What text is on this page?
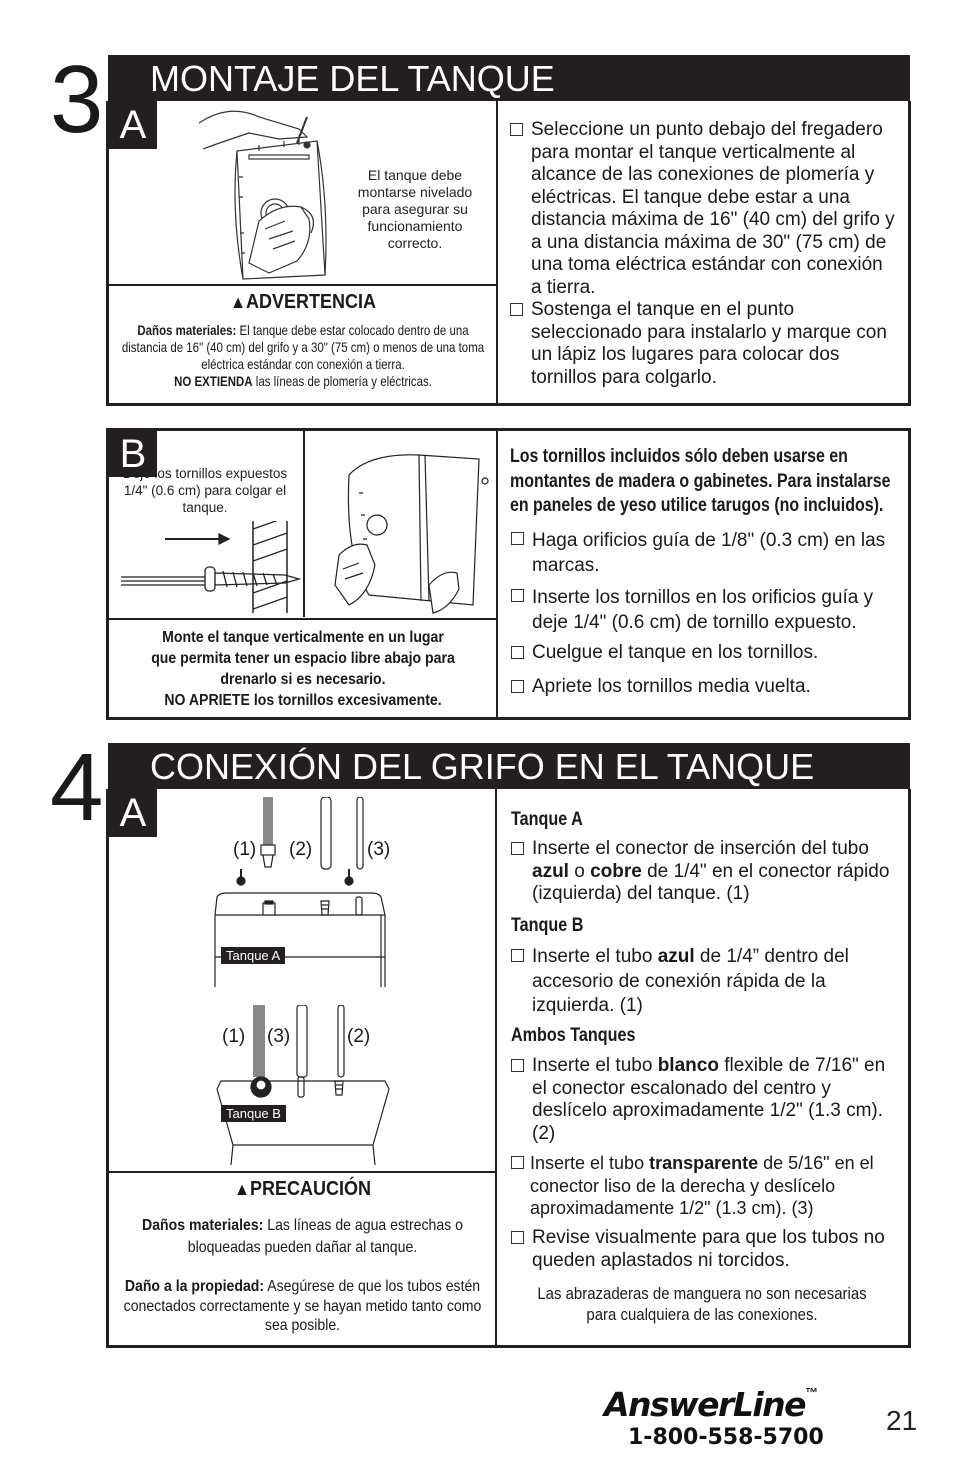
3	MONTAJE DEL TANQUE
A
El tanque debe montarse nivelado para asegurar su funcionamiento correcto.
▲ADVERTENCIA
Daños materiales: El tanque debe estar colocado dentro de una distancia de 16" (40 cm) del grifo y a 30" (75 cm) o menos de una toma eléctrica estándar con conexión a tierra.
NO EXTIENDA las líneas de plomería y eléctricas.
Seleccione un punto debajo del fregadero para montar el tanque verticalmente al alcance de las conexiones de plomería y eléctricas. El tanque debe estar a una distancia máxima de 16" (40 cm) del grifo y a una distancia máxima de 30" (75 cm) de una toma eléctrica estándar con conexión a tierra.
Sostenga el tanque en el punto seleccionado para instalarlo y marque con un lápiz los lugares para colocar dos tornillos para colgarlo.
B
Deje los tornillos expuestos 1/4" (0.6 cm) para colgar el tanque.
Monte el tanque verticalmente en un lugar
que permita tener un espacio libre abajo para
drenarlo si es necesario.
NO APRIETE los tornillos excesivamente.
Los tornillos incluidos sólo deben usarse en montantes de madera o gabinetes. Para instalarse en paneles de yeso utilice tarugos (no incluidos).
Haga orificios guía de 1/8" (0.3 cm) en las marcas.
Inserte los tornillos en los orificios guía y deje 1/4" (0.6 cm) de tornillo expuesto.
Cuelgue el tanque en los tornillos.
Apriete los tornillos media vuelta.
4	CONEXIÓN DEL GRIFO EN EL TANQUE
A
(1) (2)	(3)
Tanque A
(1) (3)	(2)
Tanque B
▲PRECAUCIÓN
Daños materiales: Las líneas de agua estrechas o bloqueadas pueden dañar al tanque.
Daño a la propiedad: Asegúrese de que los tubos estén conectados correctamente y se hayan metido tanto como sea posible.
Tanque A
Inserte el conector de inserción del tubo azul o cobre de 1/4" en el conector rápido (izquierda) del tanque. (1)
Tanque B
Inserte el tubo azul de 1/4” dentro del accesorio de conexión rápida de la izquierda. (1)
Ambos Tanques
Inserte el tubo blanco flexible de 7/16" en el conector escalonado del centro y deslícelo aproximadamente 1/2" (1.3 cm). (2)
Inserte el tubo transparente de 5/16" en el conector liso de la derecha y deslícelo aproximadamente 1/2" (1.3 cm). (3)
Revise visualmente para que los tubos no queden aplastados ni torcidos.
Las abrazaderas de manguera no son necesarias
para cualquiera de las conexiones.
AnswerLine™
1-800-558-5700
21
